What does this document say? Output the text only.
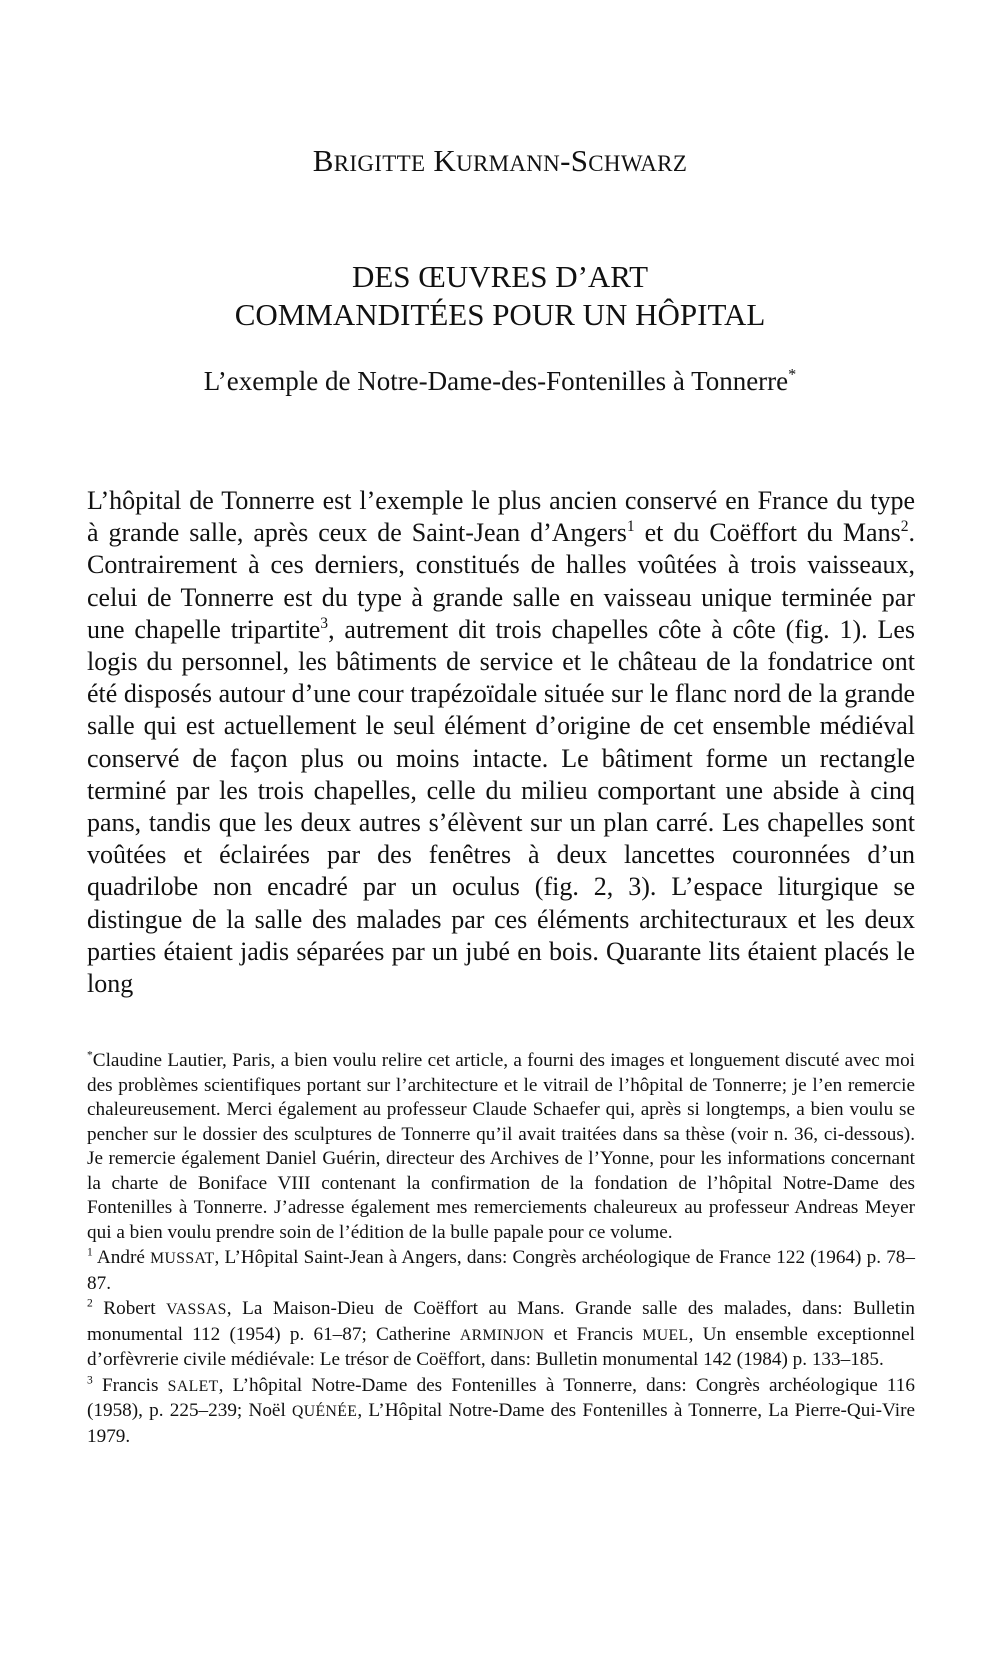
BRIGITTE KURMANN-SCHWARZ
DES ŒUVRES D’ART
COMMANDITÉES POUR UN HÔPITAL
L’exemple de Notre-Dame-des-Fontenilles à Tonnerre*

L’hôpital de Tonnerre est l’exemple le plus ancien conservé en France du type à grande salle, après ceux de Saint-Jean d’Angers$^1$ et du Coëffort du Mans$^2$. Contrairement à ces derniers, constitués de halles voûtées à trois vaisseaux, celui de Tonnerre est du type à grande salle en vaisseau unique terminée par une chapelle tripartite$^3$, autrement dit trois chapelles côte à côte (fig. 1). Les logis du personnel, les bâtiments de service et le château de la fondatrice ont été disposés autour d’une cour trapézoïdale située sur le flanc nord de la grande salle qui est actuellement le seul élément d’origine de cet ensemble médiéval conservé de façon plus ou moins intacte. Le bâtiment forme un rectangle terminé par les trois chapelles, celle du milieu comportant une abside à cinq pans, tandis que les deux autres s’élèvent sur un plan carré. Les chapelles sont voûtées et éclairées par des fenêtres à deux lancettes couronnées d’un quadrilobe non encadré par un oculus (fig. 2, 3). L’espace liturgique se distingue de la salle des malades par ces éléments architecturaux et les deux parties étaient jadis séparées par un jubé en bois. Quarante lits étaient placés le long

*Claudine Lautier, Paris, a bien voulu relire cet article, a fourni des images et longuement discuté avec moi des problèmes scientifiques portant sur l’architecture et le vitrail de l’hôpital de Tonnerre; je l’en remercie chaleureusement. Merci également au professeur Claude Schaefer qui, après si longtemps, a bien voulu se pencher sur le dossier des sculptures de Tonnerre qu’il avait traitées dans sa thèse (voir n. 36, ci-dessous). Je remercie également Daniel Guérin, directeur des Archives de l’Yonne, pour les informations concernant la charte de Boniface VIII contenant la confirmation de la fondation de l’hôpital Notre-Dame des Fontenilles à Tonnerre. J’adresse également mes remerciements chaleureux au professeur Andreas Meyer qui a bien voulu prendre soin de l’édition de la bulle papale pour ce volume.

$^1$ André MUSSAT, L’Hôpital Saint-Jean à Angers, dans: Congrès archéologique de France 122 (1964) p. 78–87.

$^2$ Robert VASSAS, La Maison-Dieu de Coëffort au Mans. Grande salle des malades, dans: Bulletin monumental 112 (1954) p. 61–87; Catherine ARMINJON et Francis MUEL, Un ensemble exceptionnel d’orfèvrerie civile médiévale: Le trésor de Coëffort, dans: Bulletin monumental 142 (1984) p. 133–185.

$^3$ Francis SALET, L’hôpital Notre-Dame des Fontenilles à Tonnerre, dans: Congrès archéologique 116 (1958), p. 225–239; Noël QUÉNÉE, L’Hôpital Notre-Dame des Fontenilles à Tonnerre, La Pierre-Qui-Vire 1979.
